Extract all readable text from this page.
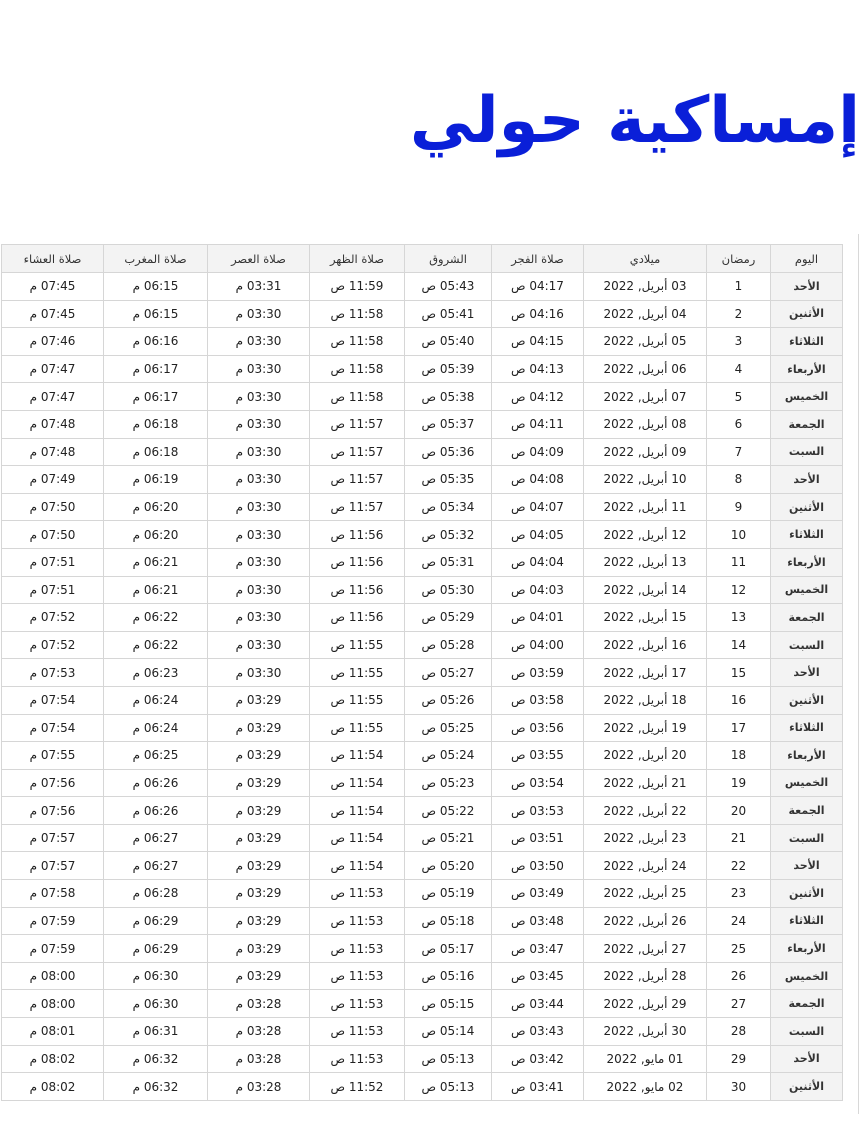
إمساكية حولي
اليوم	رمضان	ميلادي	صلاة الفجر	الشروق	صلاة الظهر	صلاة العصر	صلاة المغرب	صلاة العشاء
الأحد	1	03 أبريل, 2022	04:17 ص	05:43 ص	11:59 ص	03:31 م	06:15 م	07:45 م
الأثنين	2	04 أبريل, 2022	04:16 ص	05:41 ص	11:58 ص	03:30 م	06:15 م	07:45 م
الثلاثاء	3	05 أبريل, 2022	04:15 ص	05:40 ص	11:58 ص	03:30 م	06:16 م	07:46 م
الأربعاء	4	06 أبريل, 2022	04:13 ص	05:39 ص	11:58 ص	03:30 م	06:17 م	07:47 م
الخميس	5	07 أبريل, 2022	04:12 ص	05:38 ص	11:58 ص	03:30 م	06:17 م	07:47 م
الجمعة	6	08 أبريل, 2022	04:11 ص	05:37 ص	11:57 ص	03:30 م	06:18 م	07:48 م
السبت	7	09 أبريل, 2022	04:09 ص	05:36 ص	11:57 ص	03:30 م	06:18 م	07:48 م
الأحد	8	10 أبريل, 2022	04:08 ص	05:35 ص	11:57 ص	03:30 م	06:19 م	07:49 م
الأثنين	9	11 أبريل, 2022	04:07 ص	05:34 ص	11:57 ص	03:30 م	06:20 م	07:50 م
الثلاثاء	10	12 أبريل, 2022	04:05 ص	05:32 ص	11:56 ص	03:30 م	06:20 م	07:50 م
الأربعاء	11	13 أبريل, 2022	04:04 ص	05:31 ص	11:56 ص	03:30 م	06:21 م	07:51 م
الخميس	12	14 أبريل, 2022	04:03 ص	05:30 ص	11:56 ص	03:30 م	06:21 م	07:51 م
الجمعة	13	15 أبريل, 2022	04:01 ص	05:29 ص	11:56 ص	03:30 م	06:22 م	07:52 م
السبت	14	16 أبريل, 2022	04:00 ص	05:28 ص	11:55 ص	03:30 م	06:22 م	07:52 م
الأحد	15	17 أبريل, 2022	03:59 ص	05:27 ص	11:55 ص	03:30 م	06:23 م	07:53 م
الأثنين	16	18 أبريل, 2022	03:58 ص	05:26 ص	11:55 ص	03:29 م	06:24 م	07:54 م
الثلاثاء	17	19 أبريل, 2022	03:56 ص	05:25 ص	11:55 ص	03:29 م	06:24 م	07:54 م
الأربعاء	18	20 أبريل, 2022	03:55 ص	05:24 ص	11:54 ص	03:29 م	06:25 م	07:55 م
الخميس	19	21 أبريل, 2022	03:54 ص	05:23 ص	11:54 ص	03:29 م	06:26 م	07:56 م
الجمعة	20	22 أبريل, 2022	03:53 ص	05:22 ص	11:54 ص	03:29 م	06:26 م	07:56 م
السبت	21	23 أبريل, 2022	03:51 ص	05:21 ص	11:54 ص	03:29 م	06:27 م	07:57 م
الأحد	22	24 أبريل, 2022	03:50 ص	05:20 ص	11:54 ص	03:29 م	06:27 م	07:57 م
الأثنين	23	25 أبريل, 2022	03:49 ص	05:19 ص	11:53 ص	03:29 م	06:28 م	07:58 م
الثلاثاء	24	26 أبريل, 2022	03:48 ص	05:18 ص	11:53 ص	03:29 م	06:29 م	07:59 م
الأربعاء	25	27 أبريل, 2022	03:47 ص	05:17 ص	11:53 ص	03:29 م	06:29 م	07:59 م
الخميس	26	28 أبريل, 2022	03:45 ص	05:16 ص	11:53 ص	03:29 م	06:30 م	08:00 م
الجمعة	27	29 أبريل, 2022	03:44 ص	05:15 ص	11:53 ص	03:28 م	06:30 م	08:00 م
السبت	28	30 أبريل, 2022	03:43 ص	05:14 ص	11:53 ص	03:28 م	06:31 م	08:01 م
الأحد	29	01 مايو, 2022	03:42 ص	05:13 ص	11:53 ص	03:28 م	06:32 م	08:02 م
الأثنين	30	02 مايو, 2022	03:41 ص	05:13 ص	11:52 ص	03:28 م	06:32 م	08:02 م
